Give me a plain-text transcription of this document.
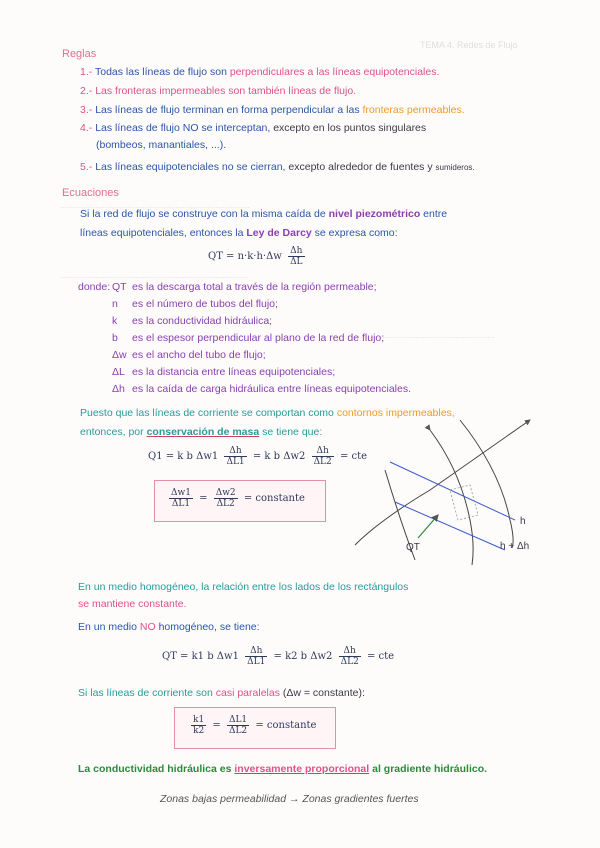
TEMA 4. Redes de Flujo
............................................................................
...........................................................................
......................................................
Reglas
1.- Todas las líneas de flujo son perpendiculares a las líneas equipotenciales.
2.- Las fronteras impermeables son también líneas de flujo.
3.- Las líneas de flujo terminan en forma perpendicular a las fronteras permeables.
4.- Las líneas de flujo NO se interceptan, excepto en los puntos singulares
(bombeos, manantiales, ...).
5.- Las líneas equipotenciales no se cierran, excepto alrededor de fuentes y sumideros.
Ecuaciones
Si la red de flujo se construye con la misma caída de nivel piezométrico entre
líneas equipotenciales, entonces la Ley de Darcy se expresa como:
QT = $n\cdot k\cdot h\cdot\Delta w \frac{\Delta h}{\Delta L}$
donde: QT es la descarga total a través de la región permeable;
n es el número de tubos del flujo;
k es la conductividad hidráulica;
b es el espesor perpendicular al plano de la red de flujo;
Δw es el ancho del tubo de flujo;
ΔL es la distancia entre líneas equipotenciales;
Δh es la caída de carga hidráulica entre líneas equipotenciales.
Puesto que las líneas de corriente se comportan como contornos impermeables,
entonces, por conservación de masa se tiene que:
Q1 = k b $\Delta w1 \frac{\Delta h}{\Delta L1} = k$ b $\Delta w2 \frac{\Delta h}{\Delta L2}$ = cte
$\frac{\Delta w1}{\Delta L1} = \frac{\Delta w2}{\Delta L2}$ = constante
QT
h
h + Δh
En un medio homogéneo, la relación entre los lados de los rectángulos
se mantiene constante.
En un medio NO homogéneo, se tiene:
QT = k1 b $\Delta w1 \frac{\Delta h}{\Delta L1} = k2$ b $\Delta w2 \frac{\Delta h}{\Delta L2}$ = cte
Si las líneas de corriente son casi paralelas (Δw = constante):
$\frac{k1}{k2} = \frac{\Delta L1}{\Delta L2}$ = constante
La conductividad hidráulica es inversamente proporcional al gradiente hidráulico.
Zonas bajas permeabilidad → Zonas gradientes fuertes
